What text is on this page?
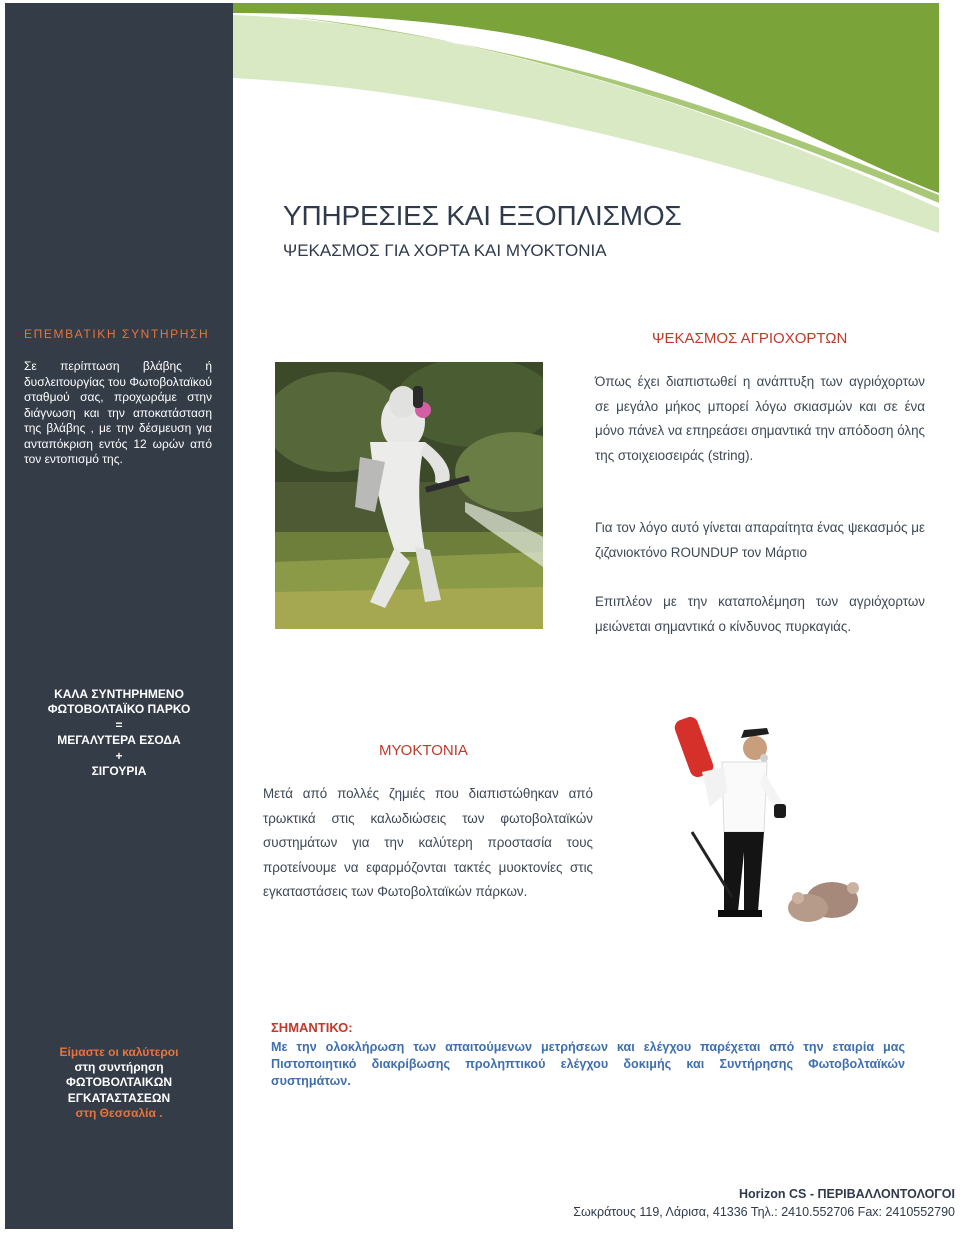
ΥΠΗΡΕΣΙΕΣ ΚΑΙ ΕΞΟΠΛΙΣΜΟΣ
ΨΕΚΑΣΜΟΣ ΓΙΑ ΧΟΡΤΑ ΚΑΙ ΜΥΟΚΤΟΝΙΑ
ΕΠΕΜΒΑΤΙΚΗ ΣΥΝΤΗΡΗΣΗ
Σε περίπτωση βλάβης ή δυσλειτουργίας του Φωτοβολταϊκού σταθμού σας, προχωράμε στην διάγνωση και την αποκατάσταση της βλάβης , με την δέσμευση για ανταπόκριση εντός 12 ωρών από τον εντοπισμό της.
ΚΑΛΑ ΣΥΝΤΗΡΗΜΕΝΟ
ΦΩΤΟΒΟΛΤΑΪΚΟ ΠΑΡΚΟ
=
ΜΕΓΑΛΥΤΕΡΑ ΕΣΟΔΑ
+
ΣΙΓΟΥΡΙΑ
Είμαστε οι καλύτεροι
στη συντήρηση
ΦΩΤΟΒΟΛΤΑΙΚΩΝ
ΕΓΚΑΤΑΣΤΑΣΕΩΝ
στη Θεσσαλία .
ΨΕΚΑΣΜΟΣ ΑΓΡΙΟΧΟΡΤΩΝ

Όπως έχει διαπιστωθεί η ανάπτυξη των αγριόχορτων σε μεγάλο μήκος μπορεί λόγω σκιασμών και σε ένα μόνο πάνελ να επηρεάσει σημαντικά την απόδοση όλης της στοιχειοσειράς (string).

Για τον λόγο αυτό γίνεται απαραίτητα ένας ψεκασμός με ζιζανιοκτόνο ROUNDUP τον Μάρτιο

Επιπλέον με την καταπολέμηση των αγριόχορτων μειώνεται σημαντικά ο κίνδυνος πυρκαγιάς.

ΜΥΟΚΤΟΝΙΑ

Μετά από πολλές ζημιές που διαπιστώθηκαν από τρωκτικά στις καλωδιώσεις των φωτοβολταϊκών συστημάτων για την καλύτερη προστασία τους προτείνουμε να εφαρμόζονται τακτές μυοκτονίες στις εγκαταστάσεις των Φωτοβολταϊκών πάρκων.

ΣΗΜΑΝΤΙΚΟ:
Με την ολοκλήρωση των απαιτούμενων μετρήσεων και ελέγχου παρέχεται από την εταιρία μας Πιστοποιητικό διακρίβωσης προληπτικού ελέγχου δοκιμής και Συντήρησης Φωτοβολταϊκών συστημάτων.
Horizon CS - ΠΕΡΙΒΑΛΛΟΝΤΟΛΟΓΟΙ
Σωκράτους 119, Λάρισα, 41336 Τηλ.: 2410.552706 Fax: 2410552790
